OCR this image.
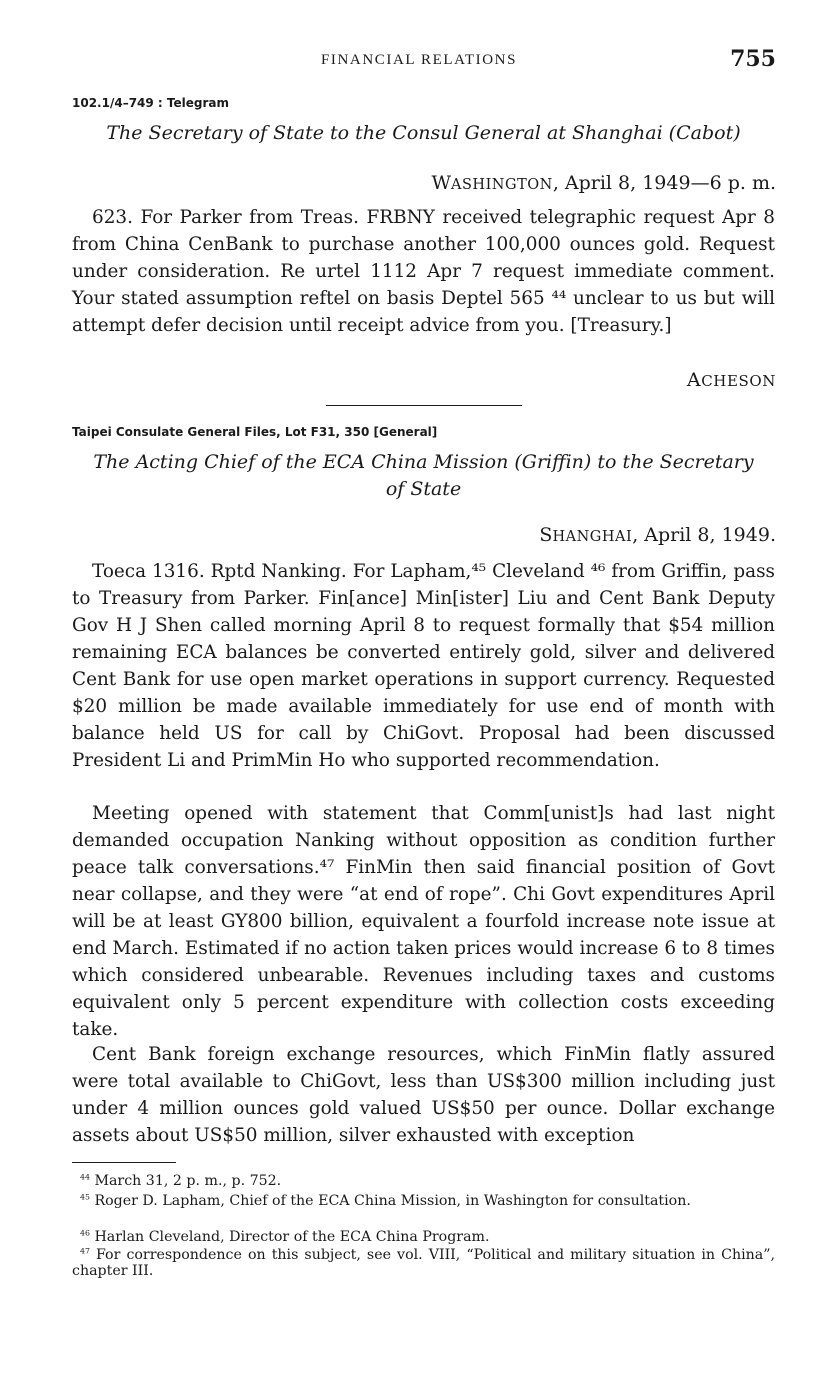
FINANCIAL RELATIONS	755
102.1/4–749 : Telegram
The Secretary of State to the Consul General at Shanghai (Cabot)
WASHINGTON, April 8, 1949—6 p. m.

623. For Parker from Treas. FRBNY received telegraphic request Apr 8 from China CenBank to purchase another 100,000 ounces gold. Request under consideration. Re urtel 1112 Apr 7 request immediate comment. Your stated assumption reftel on basis Deptel 565 ⁴⁴ unclear to us but will attempt defer decision until receipt advice from you. [Treasury.]

ACHESON
Taipei Consulate General Files, Lot F31, 350 [General]
The Acting Chief of the ECA China Mission (Griffin) to the Secretary
of State
SHANGHAI, April 8, 1949.

Toeca 1316. Rptd Nanking. For Lapham,⁴⁵ Cleveland ⁴⁶ from Griffin, pass to Treasury from Parker. Fin[ance] Min[ister] Liu and Cent Bank Deputy Gov H J Shen called morning April 8 to request formally that $54 million remaining ECA balances be converted entirely gold, silver and delivered Cent Bank for use open market operations in support currency. Requested $20 million be made available immediately for use end of month with balance held US for call by ChiGovt. Proposal had been discussed President Li and PrimMin Ho who supported recommendation.

Meeting opened with statement that Comm[unist]s had last night demanded occupation Nanking without opposition as condition further peace talk conversations.⁴⁷ FinMin then said financial position of Govt near collapse, and they were “at end of rope”. Chi Govt expenditures April will be at least GY800 billion, equivalent a fourfold increase note issue at end March. Estimated if no action taken prices would increase 6 to 8 times which considered unbearable. Revenues including taxes and customs equivalent only 5 percent expenditure with collection costs exceeding take.

Cent Bank foreign exchange resources, which FinMin flatly assured were total available to ChiGovt, less than US$300 million including just under 4 million ounces gold valued US$50 per ounce. Dollar exchange assets about US$50 million, silver exhausted with exception

$^{44}$ March 31, 2 p. m., p. 752.
$^{45}$ Roger D. Lapham, Chief of the ECA China Mission, in Washington for consultation.
$^{46}$ Harlan Cleveland, Director of the ECA China Program.
$^{47}$ For correspondence on this subject, see vol. VIII, “Political and military situation in China”, chapter III.
